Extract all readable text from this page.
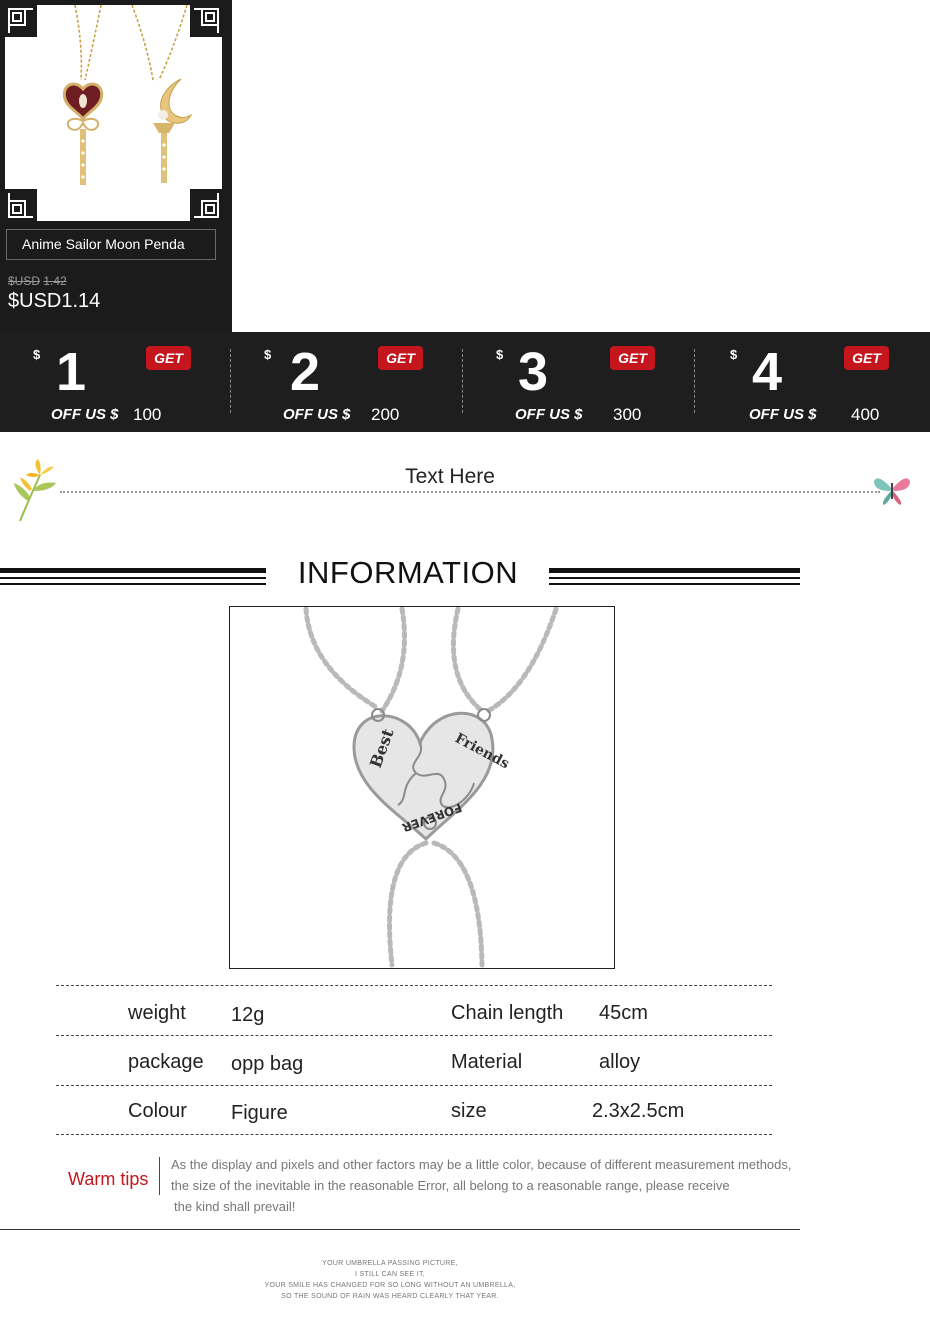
Anime Sailor Moon Penda
$USD 1.42
$USD1.14
$ 1	GET
OFF US $ 100
$ 2	GET
OFF US $ 200
$ 3	GET
OFF US $ 300
$ 4	GET
OFF US $ 400
Text Here
INFORMATION
Best	Friends
FOREVER
weight 12g	Chain length 45cm
package opp bag	Material	alloy
Colour Figure	size	2.3x2.5cm
Warm tips
As the display and pixels and other factors may be a little color, because of different measurement methods,
the size of the inevitable in the reasonable Error, all belong to a reasonable range, please receive
the kind shall prevail!
YOUR UMBRELLA PASSING PICTURE,
I STILL CAN SEE IT,
YOUR SMILE HAS CHANGED FOR SO LONG WITHOUT AN UMBRELLA,
SO THE SOUND OF RAIN WAS HEARD CLEARLY THAT YEAR.
